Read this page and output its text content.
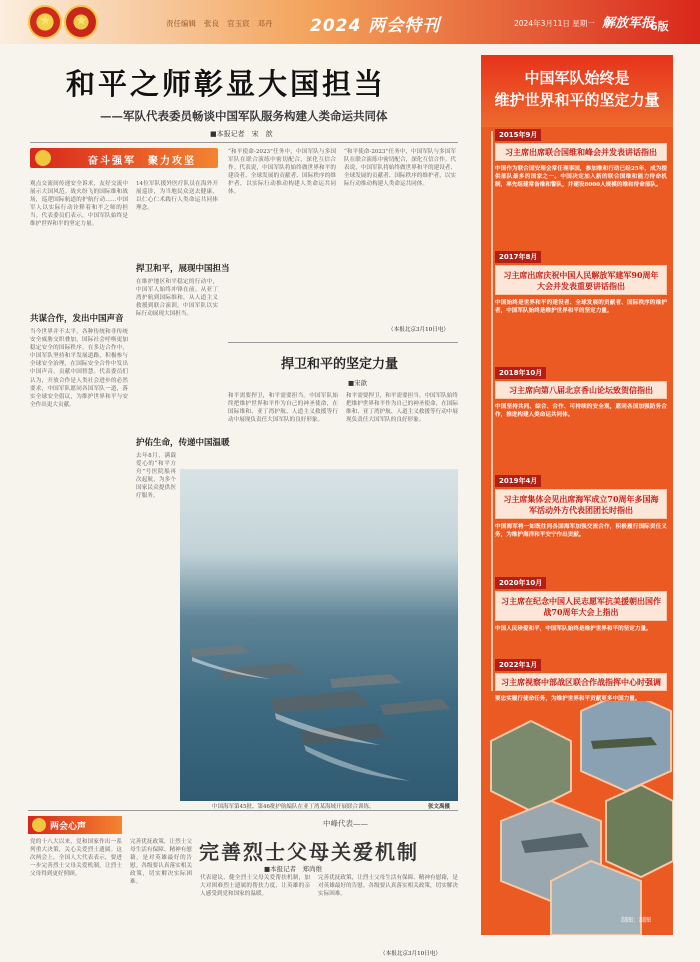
★
★
责任编辑 张良 官玉宸 邓丹	2024 两会特刊	2024年3月11日 星期一 解放军报
6版
和平之师彰显大国担当
——军队代表委员畅谈中国军队服务构建人类命运共同体
■本报记者　宋　歆
奋斗强军　聚力攻坚
观点交流间传递安全诉求，友好交流中展示大国风范。战火纷飞的国际维和战场，巡逻国际航道的护航行动……中国军人以实际行动诠释着和平之师的担当。代表委员们表示，中国军队始终是维护世界和平的坚定力量。
共谋合作，发出中国声音
当今世界并不太平，各种传统和非传统安全威胁交织叠加，国际社会呼唤更加稳定安全的国际秩序。在多边合作中，中国军队坚持和平发展道路，积极参与全球安全治理，在国际安全合作中发出中国声音，贡献中国智慧。代表委员们认为，开放合作是人类社会进步的必然要求，中国军队愿同各国军队一道，落实全球安全倡议，为维护世界和平与安全作出更大贡献。
14位军队援外医疗队员在海外开展巡诊，为当地民众送去健康，以仁心仁术践行人类命运共同体理念。
捍卫和平，展现中国担当
在维护地区和平稳定的行动中，中国军人始终冲锋在前。从亚丁湾护航到国际维和，从人道主义救援到联合演训，中国军队以实际行动展现大国担当。
护佑生命，传递中国温暖
去年8月，满载爱心的“和平方舟”号医院船再次起航，为多个国家民众提供医疗服务。
“和平使命-2023”任务中，中国军队与多国军队在联合演练中密切配合，深化互信合作。代表说，中国军队将始终做世界和平的建设者、全球发展的贡献者、国际秩序的维护者，以实际行动推动构建人类命运共同体。
“和平使命-2023”任务中，中国军队与多国军队在联合演练中密切配合，深化互信合作。代表说，中国军队将始终做世界和平的建设者、全球发展的贡献者、国际秩序的维护者，以实际行动推动构建人类命运共同体。
（本报北京3月10日电）
捍卫和平的坚定力量
■宋歆
和平需要捍卫，和平需要担当。中国军队始终把维护世界和平作为自己的神圣使命，在国际维和、亚丁湾护航、人道主义救援等行动中展现负责任大国军队的良好形象。
和平需要捍卫，和平需要担当。中国军队始终把维护世界和平作为自己的神圣使命，在国际维和、亚丁湾护航、人道主义救援等行动中展现负责任大国军队的良好形象。
中国海军第45批、第46批护航编队在亚丁湾某海域开展联合训练。	张文禹摄
中国军队始终是
维护世界和平的坚定力量
2015年9月
习主席出席联合国维和峰会并发表讲话指出
中国作为联合国安理会常任理事国，参加维和行动已经25年，成为提供部队最多的国家之一。中国决定加入新的联合国维和能力待命机制，率先组建常备维和警队，并建设8000人规模的维和待命部队。
2017年8月
习主席出席庆祝中国人民解放军建军90周年大会并发表重要讲话指出
中国始终是世界和平的建设者、全球发展的贡献者、国际秩序的维护者，中国军队始终是维护世界和平的坚定力量。
2018年10月
习主席向第八届北京香山论坛致贺信指出
中国坚持共同、综合、合作、可持续的安全观，愿同各国加强防务合作，推进构建人类命运共同体。
2019年4月
习主席集体会见出席海军成立70周年多国海军活动外方代表团团长时指出
中国海军将一如既往同各国海军加强交流合作，积极履行国际责任义务，为维护海洋和平安宁作出贡献。
2020年10月
习主席在纪念中国人民志愿军抗美援朝出国作战70周年大会上指出
中国人民珍爱和平，中国军队始终是维护世界和平的坚定力量。
2022年1月
习主席视察中部战区联合作战指挥中心时强调
要忠实履行使命任务，为维护世界和平贡献更多中国力量。
制图：制图
两会心声	中峰代表——
完善烈士父母关爱机制
■本报记者　郑尚维
党的十八大以来，党和国家作出一系列重大决策，关心关爱烈士遗属。这次两会上，全国人大代表表示，要进一步完善烈士父母关爱机制，让烈士父母得到更好照顾。
完善优抚政策，让烈士父母生活有保障、精神有慰藉，是对英雄最好的告慰。各级要认真落实相关政策，切实解决实际困难。
代表建议，健全烈士父母关爱帮扶机制，加大对困难烈士遗属的帮扶力度，让英雄的亲人感受到党和国家的温暖。
完善优抚政策，让烈士父母生活有保障、精神有慰藉，是对英雄最好的告慰。各级要认真落实相关政策，切实解决实际困难。
（本报北京3月10日电）
